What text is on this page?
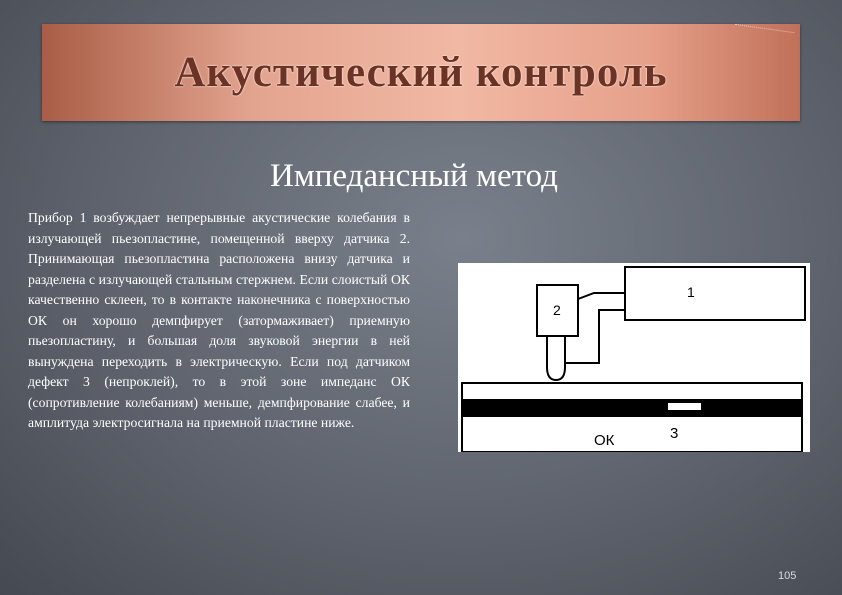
Акустический контроль
Импедансный метод
Прибор 1 возбуждает непрерывные акустические колебания в излучающей пьезопластине, помещенной вверху датчика 2. Принимающая пьезопластина расположена внизу датчика и разделена с излучающей стальным стержнем. Если слоистый ОК качественно склеен, то в контакте наконечника с поверхностью ОК он хорошо демпфирует (затормаживает) приемную пьезопластину, и большая доля звуковой энергии в ней вынуждена переходить в электрическую. Если под датчиком дефект 3 (непроклей), то в этой зоне импеданс ОК (сопротивление колебаниям) меньше, демпфирование слабее, и амплитуда электросигнала на приемной пластине ниже.
1
2
ОК	3
105
